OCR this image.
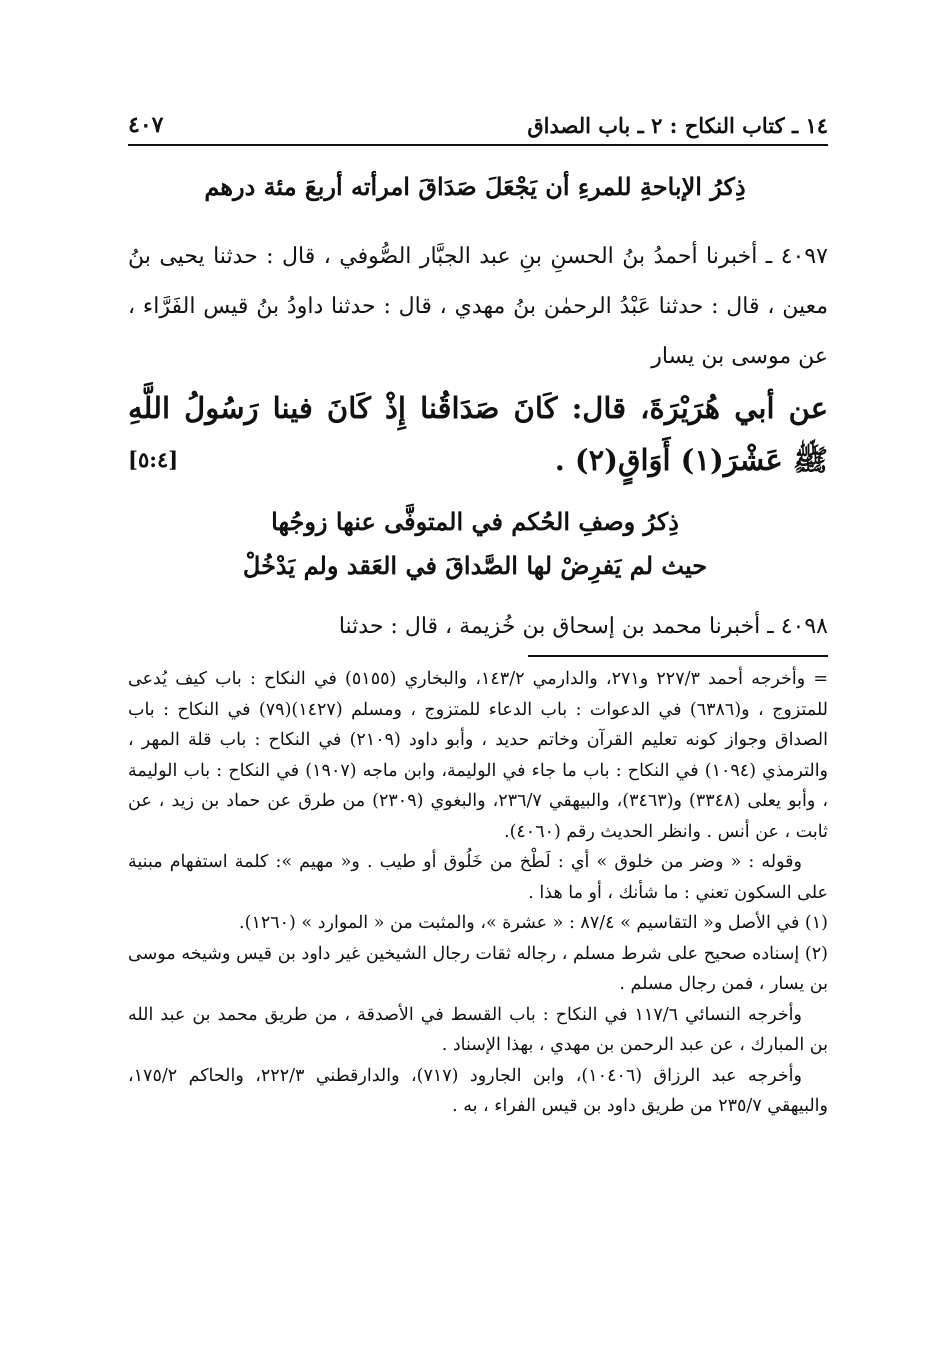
١٤ ـ كتاب النكاح : ٢ ـ باب الصداق
٤٠٧
ذِكرُ الإباحةِ للمرءِ أن يَجْعَلَ صَدَاقَ امرأته أربعَ مئة درهم
٤٠٩٧ ـ أخبرنا أحمدُ بنُ الحسنِ بنِ عبد الجبَّار الصُّوفي ، قال : حدثنا يحيى بنُ معين ، قال : حدثنا عَبْدُ الرحمٰن بنُ مهدي ، قال : حدثنا داودُ بنُ قيس الفَرَّاء ، عن موسى بن يسار
عن أبي هُرَيْرَةَ، قال: كَانَ صَدَاقُنا إِذْ كَانَ فينا رَسُولُ اللَّهِ ﷺ عَشْرَ(١) أَوَاقٍ(٢) .
[٥:٤]
ذِكرُ وصفِ الحُكم في المتوفَّى عنها زوجُها
حيث لم يَفرِضْ لها الصَّداقَ في العَقد ولم يَدْخُلْ
٤٠٩٨ ـ أخبرنا محمد بن إسحاق بن خُزيمة ، قال : حدثنا

= وأخرجه أحمد ٢٢٧/٣ و٢٧١، والدارمي ١٤٣/٢، والبخاري (٥١٥٥) في النكاح : باب كيف يُدعى للمتزوج ، و(٦٣٨٦) في الدعوات : باب الدعاء للمتزوج ، ومسلم (١٤٢٧)(٧٩) في النكاح : باب الصداق وجواز كونه تعليم القرآن وخاتم حديد ، وأبو داود (٢١٠٩) في النكاح : باب قلة المهر ، والترمذي (١٠٩٤) في النكاح : باب ما جاء في الوليمة، وابن ماجه (١٩٠٧) في النكاح : باب الوليمة ، وأبو يعلى (٣٣٤٨) و(٣٤٦٣)، والبيهقي ٢٣٦/٧، والبغوي (٢٣٠٩) من طرق عن حماد بن زيد ، عن ثابت ، عن أنس . وانظر الحديث رقم (٤٠٦٠).

وقوله : « وضر من خلوق » أي : لَطْخ من خَلُوق أو طيب . و« مهيم »: كلمة استفهام مبنية على السكون تعني : ما شأنك ، أو ما هذا .

(١) في الأصل و« التقاسيم » ٨٧/٤ : « عشرة »، والمثبت من « الموارد » (١٢٦٠).

(٢) إسناده صحيح على شرط مسلم ، رجاله ثقات رجال الشيخين غير داود بن قيس وشيخه موسى بن يسار ، فمن رجال مسلم .

وأخرجه النسائي ١١٧/٦ في النكاح : باب القسط في الأصدقة ، من طريق محمد بن عبد الله بن المبارك ، عن عبد الرحمن بن مهدي ، بهذا الإسناد .

وأخرجه عبد الرزاق (١٠٤٠٦)، وابن الجارود (٧١٧)، والدارقطني ٢٢٢/٣، والحاكم ١٧٥/٢، والبيهقي ٢٣٥/٧ من طريق داود بن قيس الفراء ، به .
